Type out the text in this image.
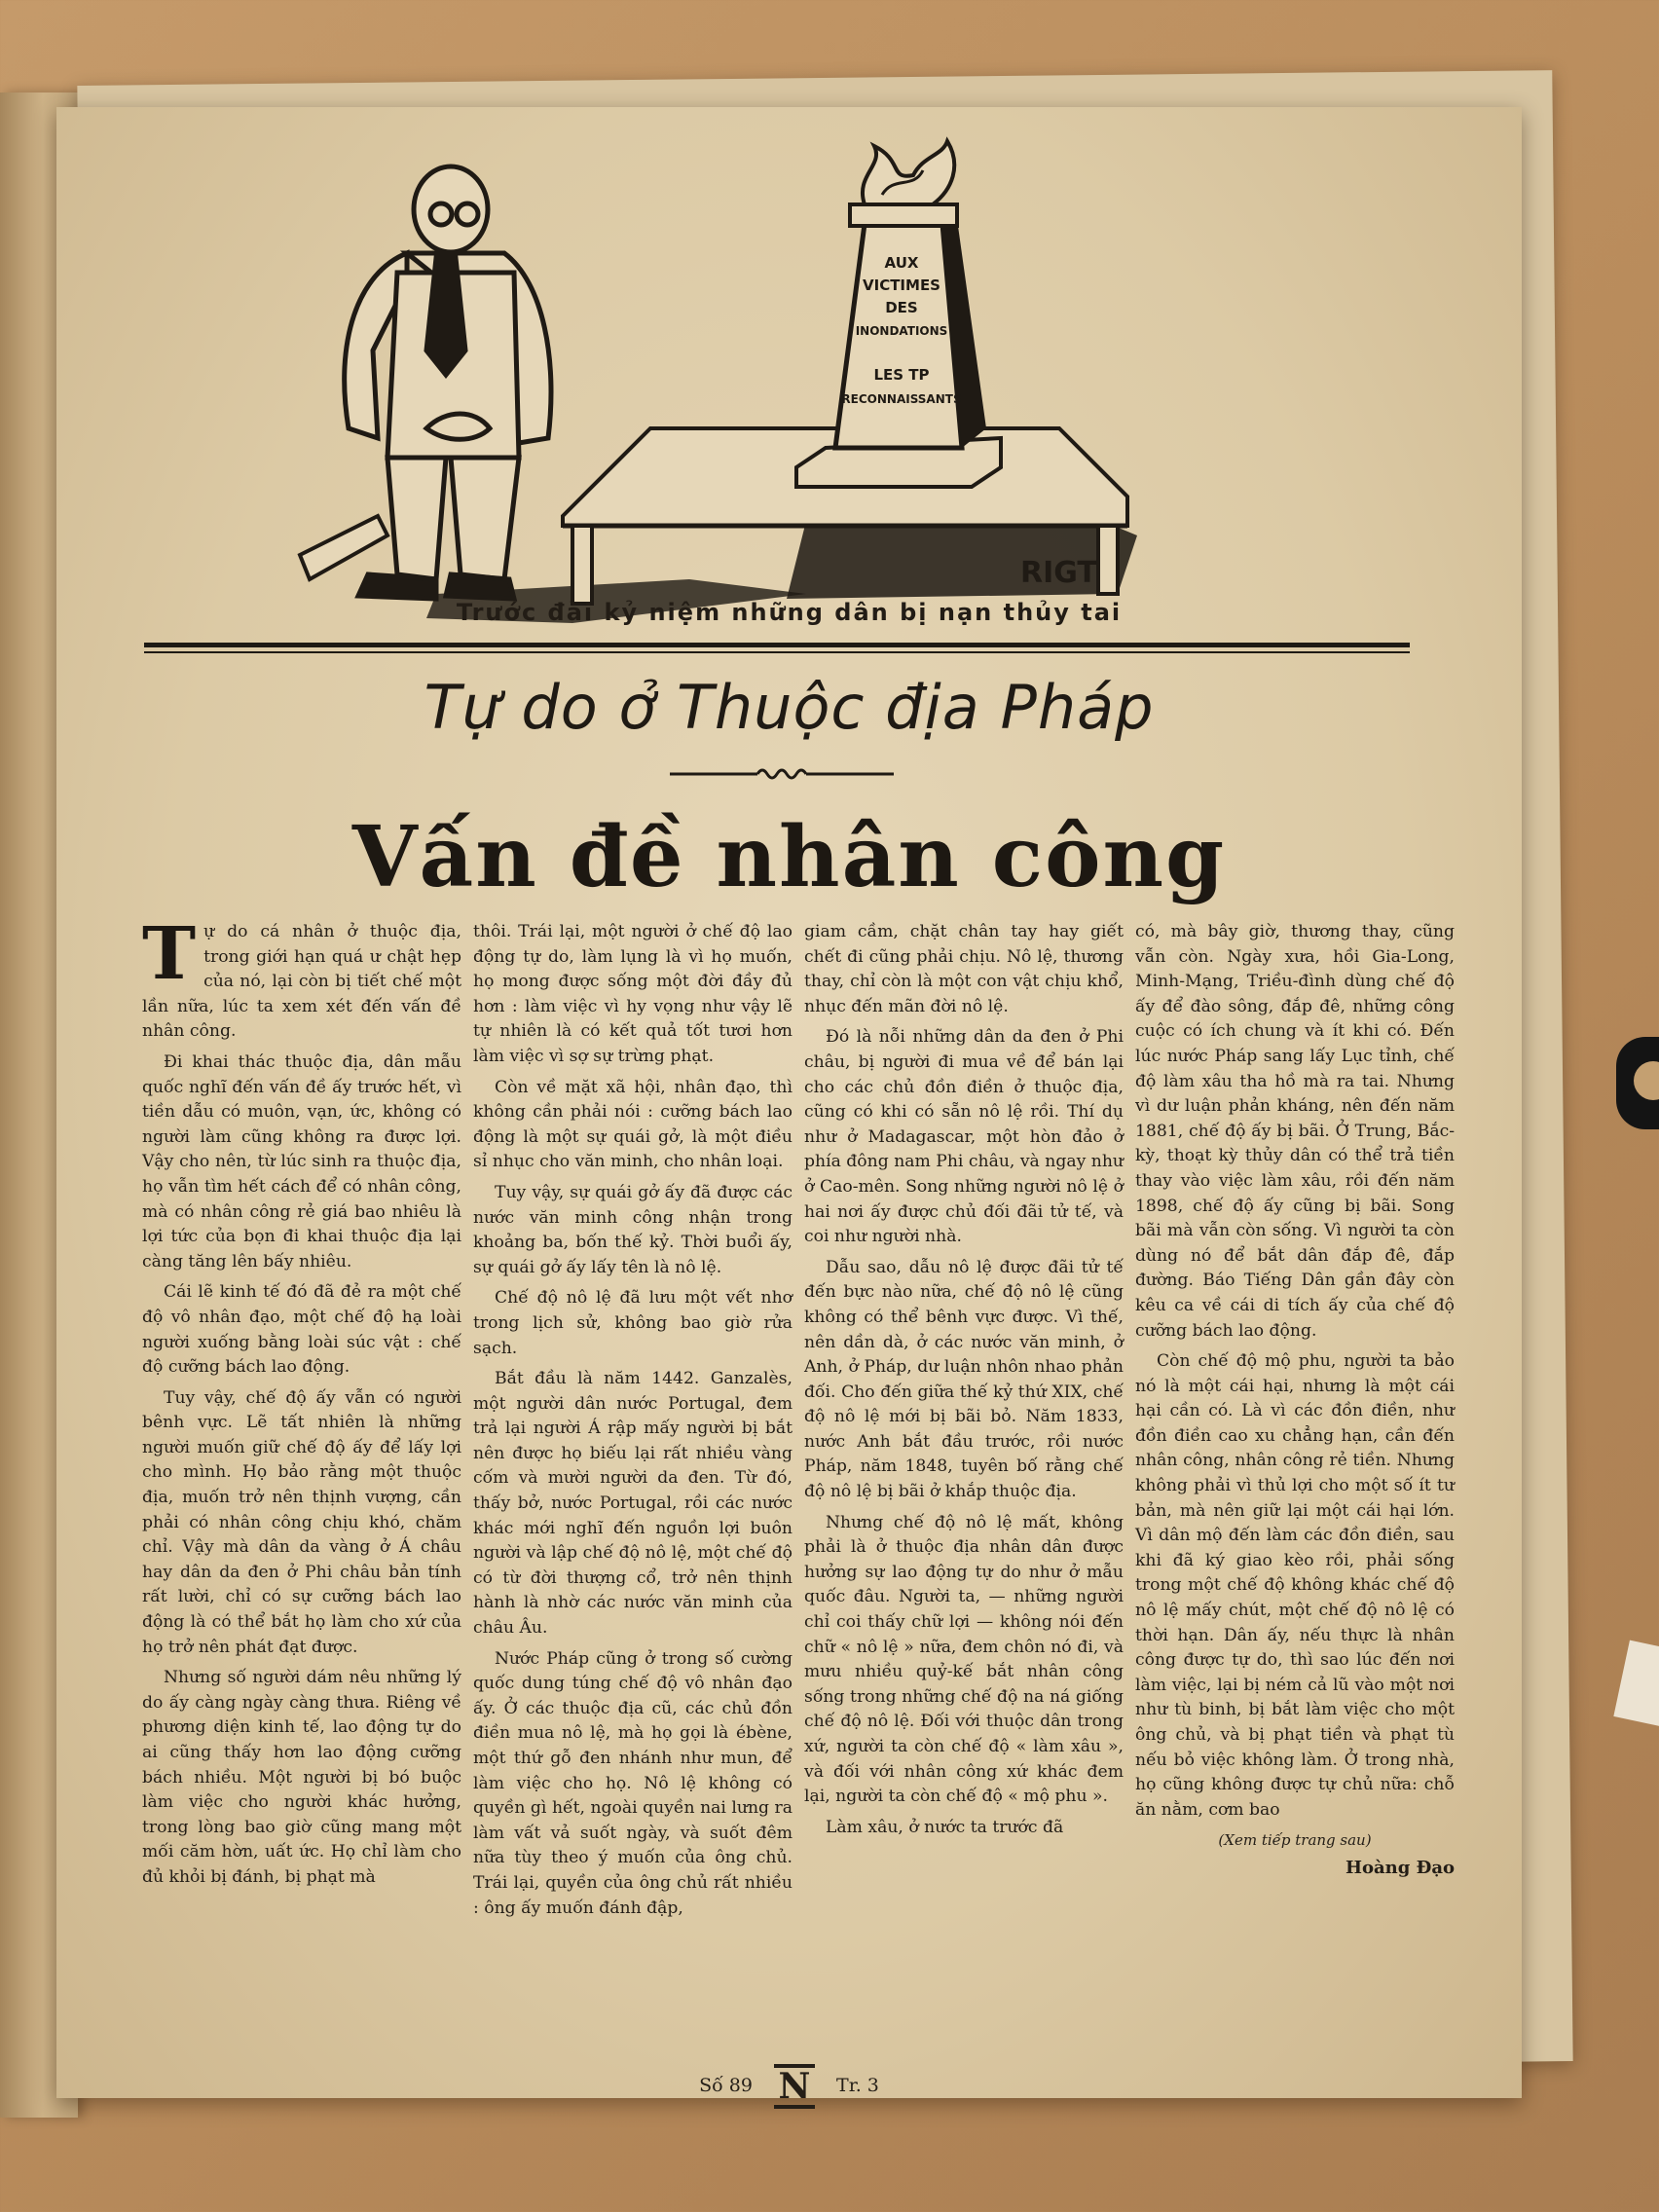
AUX
VICTIMES
DES
INONDATIONS
LES TP
RECONNAISSANTS
RIGT
Trước đài kỷ niệm những dân bị nạn thủy tai
Tự do ở Thuộc địa Pháp
Vấn đề nhân công

Tự do cá nhân ở thuộc địa, trong giới hạn quá ư chật hẹp của nó, lại còn bị tiết chế một lần nữa, lúc ta xem xét đến vấn đề nhân công.

Đi khai thác thuộc địa, dân mẫu quốc nghĩ đến vấn đề ấy trước hết, vì tiền dẫu có muôn, vạn, ức, không có người làm cũng không ra được lợi. Vậy cho nên, từ lúc sinh ra thuộc địa, họ vẫn tìm hết cách để có nhân công, mà có nhân công rẻ giá bao nhiêu là lợi tức của bọn đi khai thuộc địa lại càng tăng lên bấy nhiêu.

Cái lẽ kinh tế đó đã đẻ ra một chế độ vô nhân đạo, một chế độ hạ loài người xuống bằng loài súc vật : chế độ cưỡng bách lao động.

Tuy vậy, chế độ ấy vẫn có người bênh vực. Lẽ tất nhiên là những người muốn giữ chế độ ấy để lấy lợi cho mình. Họ bảo rằng một thuộc địa, muốn trở nên thịnh vượng, cần phải có nhân công chịu khó, chăm chỉ. Vậy mà dân da vàng ở Á châu hay dân da đen ở Phi châu bản tính rất lười, chỉ có sự cưỡng bách lao động là có thể bắt họ làm cho xứ của họ trở nên phát đạt được.

Nhưng số người dám nêu những lý do ấy càng ngày càng thưa. Riêng về phương diện kinh tế, lao động tự do ai cũng thấy hơn lao động cưỡng bách nhiều. Một người bị bó buộc làm việc cho người khác hưởng, trong lòng bao giờ cũng mang một mối căm hờn, uất ức. Họ chỉ làm cho đủ khỏi bị đánh, bị phạt mà

thôi. Trái lại, một người ở chế độ lao động tự do, làm lụng là vì họ muốn, họ mong được sống một đời đầy đủ hơn : làm việc vì hy vọng như vậy lẽ tự nhiên là có kết quả tốt tươi hơn làm việc vì sợ sự trừng phạt.

Còn về mặt xã hội, nhân đạo, thì không cần phải nói : cưỡng bách lao động là một sự quái gở, là một điều sỉ nhục cho văn minh, cho nhân loại.

Tuy vậy, sự quái gở ấy đã được các nước văn minh công nhận trong khoảng ba, bốn thế kỷ. Thời buổi ấy, sự quái gở ấy lấy tên là nô lệ.

Chế độ nô lệ đã lưu một vết nhơ trong lịch sử, không bao giờ rửa sạch.

Bắt đầu là năm 1442. Ganzalès, một người dân nước Portugal, đem trả lại người Á rập mấy người bị bắt nên được họ biếu lại rất nhiều vàng cốm và mười người da đen. Từ đó, thấy bở, nước Portugal, rồi các nước khác mới nghĩ đến nguồn lợi buôn người và lập chế độ nô lệ, một chế độ có từ đời thượng cổ, trở nên thịnh hành là nhờ các nước văn minh của châu Âu.

Nước Pháp cũng ở trong số cường quốc dung túng chế độ vô nhân đạo ấy. Ở các thuộc địa cũ, các chủ đồn điền mua nô lệ, mà họ gọi là ébène, một thứ gỗ đen nhánh như mun, để làm việc cho họ. Nô lệ không có quyền gì hết, ngoài quyền nai lưng ra làm vất vả suốt ngày, và suốt đêm nữa tùy theo ý muốn của ông chủ. Trái lại, quyền của ông chủ rất nhiều : ông ấy muốn đánh đập,

giam cầm, chặt chân tay hay giết chết đi cũng phải chịu. Nô lệ, thương thay, chỉ còn là một con vật chịu khổ, nhục đến mãn đời nô lệ.

Đó là nỗi những dân da đen ở Phi châu, bị người đi mua về để bán lại cho các chủ đồn điền ở thuộc địa, cũng có khi có sẵn nô lệ rồi. Thí dụ như ở Madagascar, một hòn đảo ở phía đông nam Phi châu, và ngay như ở Cao-mên. Song những người nô lệ ở hai nơi ấy được chủ đối đãi tử tế, và coi như người nhà.

Dẫu sao, dẫu nô lệ được đãi tử tế đến bực nào nữa, chế độ nô lệ cũng không có thể bênh vực được. Vì thế, nên dần dà, ở các nước văn minh, ở Anh, ở Pháp, dư luận nhôn nhao phản đối. Cho đến giữa thế kỷ thứ XIX, chế độ nô lệ mới bị bãi bỏ. Năm 1833, nước Anh bắt đầu trước, rồi nước Pháp, năm 1848, tuyên bố rằng chế độ nô lệ bị bãi ở khắp thuộc địa.

Nhưng chế độ nô lệ mất, không phải là ở thuộc địa nhân dân được hưởng sự lao động tự do như ở mẫu quốc đâu. Người ta, — những người chỉ coi thấy chữ lợi — không nói đến chữ « nô lệ » nữa, đem chôn nó đi, và mưu nhiều quỷ-kế bắt nhân công sống trong những chế độ na ná giống chế độ nô lệ. Đối với thuộc dân trong xứ, người ta còn chế độ « làm xâu », và đối với nhân công xứ khác đem lại, người ta còn chế độ « mộ phu ».

Làm xâu, ở nước ta trước đã

có, mà bây giờ, thương thay, cũng vẫn còn. Ngày xưa, hồi Gia-Long, Minh-Mạng, Triều-đình dùng chế độ ấy để đào sông, đắp đê, những công cuộc có ích chung và ít khi có. Đến lúc nước Pháp sang lấy Lục tỉnh, chế độ làm xâu tha hồ mà ra tai. Nhưng vì dư luận phản kháng, nên đến năm 1881, chế độ ấy bị bãi. Ở Trung, Bắc-kỳ, thoạt kỳ thủy dân có thể trả tiền thay vào việc làm xâu, rồi đến năm 1898, chế độ ấy cũng bị bãi. Song bãi mà vẫn còn sống. Vì người ta còn dùng nó để bắt dân đắp đê, đắp đường. Báo Tiếng Dân gần đây còn kêu ca về cái di tích ấy của chế độ cưỡng bách lao động.

Còn chế độ mộ phu, người ta bảo nó là một cái hại, nhưng là một cái hại cần có. Là vì các đồn điền, như đồn điền cao xu chẳng hạn, cần đến nhân công, nhân công rẻ tiền. Nhưng không phải vì thủ lợi cho một số ít tư bản, mà nên giữ lại một cái hại lớn. Vì dân mộ đến làm các đồn điền, sau khi đã ký giao kèo rồi, phải sống trong một chế độ không khác chế độ nô lệ mấy chút, một chế độ nô lệ có thời hạn. Dân ấy, nếu thực là nhân công được tự do, thì sao lúc đến nơi làm việc, lại bị ném cả lũ vào một nơi như tù binh, bị bắt làm việc cho một ông chủ, và bị phạt tiền và phạt tù nếu bỏ việc không làm. Ở trong nhà, họ cũng không được tự chủ nữa: chỗ ăn nằm, cơm bao

(Xem tiếp trang sau)
Hoàng Đạo
Số 89 N Tr. 3
